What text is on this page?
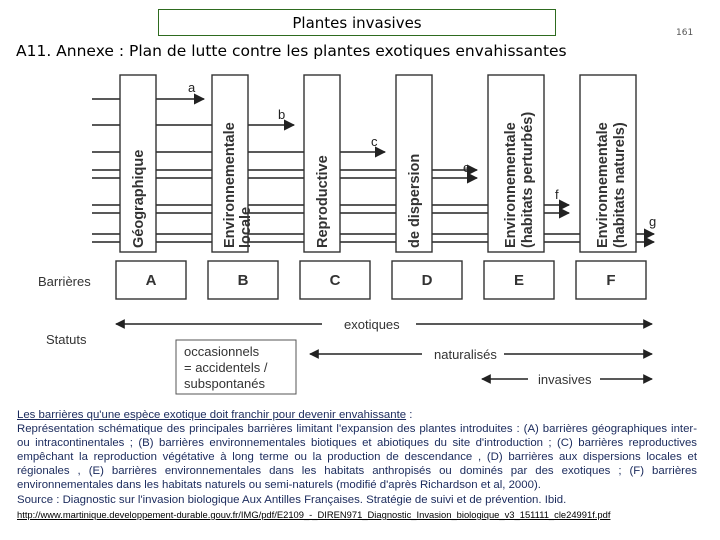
Plantes invasives
161
A11. Annexe : Plan de lutte contre les plantes exotiques envahissantes
a
b
c
e
f
g
Géographique	Environnementale locale	Reproductive	de dispersion	Environnementale (habitats perturbés)	Environnementale (habitats naturels)
Barrières	A	B	C	D	E	F
Statuts
exotiques
naturalisés
invasives
occasionnels
= accidentels /
subspontanés

Les barrières qu'une espèce exotique doit franchir pour devenir envahissante :

Représentation schématique des principales barrières limitant l'expansion des plantes introduites : (A) barrières géographiques inter- ou intracontinentales ; (B) barrières environnementales biotiques et abiotiques du site d'introduction ; (C) barrières reproductives empêchant la reproduction végétative à long terme ou la production de descendance , (D) barrières aux dispersions locales et régionales , (E) barrières environnementales dans les habitats anthropisés ou dominés par des exotiques ; (F) barrières environnementales dans les habitats naturels ou semi-naturels (modifié d'après Richardson et al, 2000).

Source : Diagnostic sur l'invasion biologique Aux Antilles Françaises. Stratégie de suivi et de prévention. Ibid.

http://www.martinique.developpement-durable.gouv.fr/IMG/pdf/E2109_-_DIREN971_Diagnostic_Invasion_biologique_v3_151111_cle24991f.pdf
